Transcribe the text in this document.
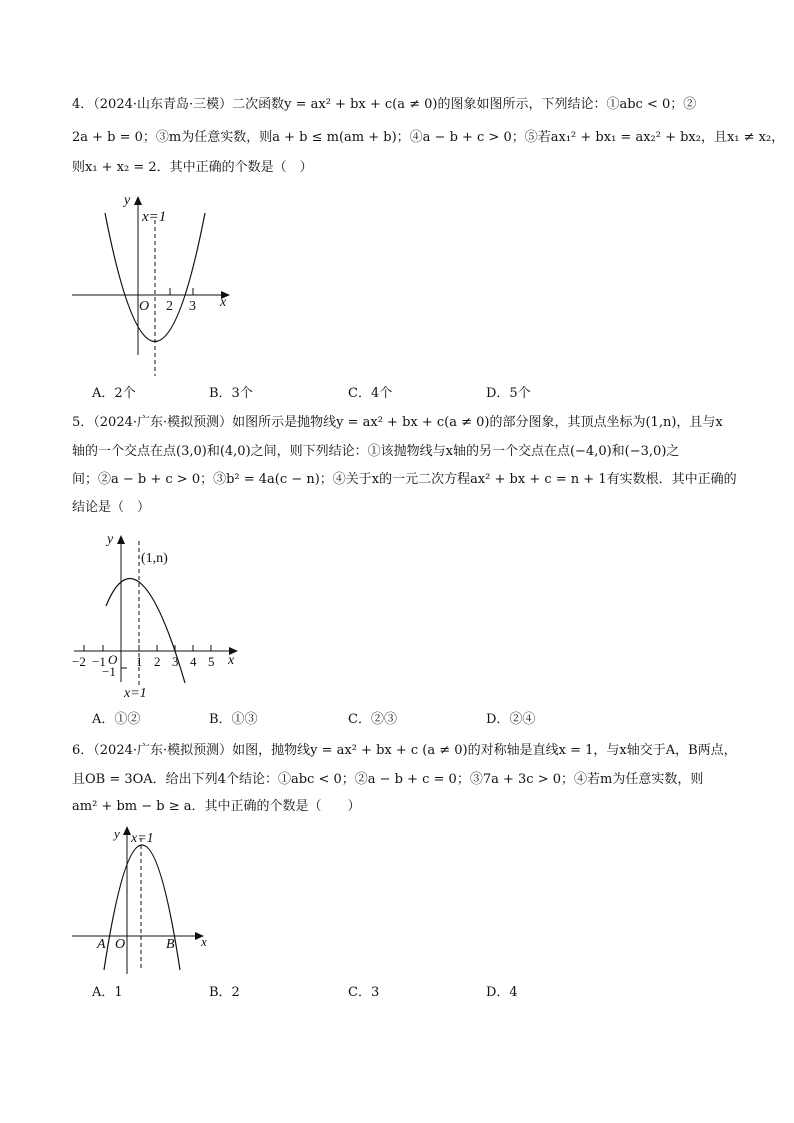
4．（2024·山东青岛·三模）二次函数y = ax² + bx + c(a ≠ 0)的图象如图所示，下列结论：①abc < 0；②
2a + b = 0；③m为任意实数，则a + b ≤ m(am + b)；④a − b + c > 0；⑤若ax₁² + bx₁ = ax₂² + bx₂，且x₁ ≠ x₂，
则x₁ + x₂ = 2．其中正确的个数是（　）
y
x=1
O 2 3 x
A．2个	B．3个	C．4个	D．5个
5．（2024·广东·模拟预测）如图所示是抛物线y = ax² + bx + c(a ≠ 0)的部分图象，其顶点坐标为(1,n)，且与x
轴的一个交点在点(3,0)和(4,0)之间，则下列结论：①该抛物线与x轴的另一个交点在点(−4,0)和(−3,0)之
间；②a − b + c > 0；③b² = 4a(c − n)；④关于x的一元二次方程ax² + bx + c = n + 1有实数根．其中正确的
结论是（　）
y
(1,n)
−2 −1 O
−1
1 2 3 4 5 x
x=1
A．①②	B．①③	C．②③	D．②④
6．（2024·广东·模拟预测）如图，抛物线y = ax² + bx + c (a ≠ 0)的对称轴是直线x = 1，与x轴交于A，B两点，
且OB = 3OA．给出下列4个结论：①abc < 0；②a − b + c = 0；③7a + 3c > 0；④若m为任意实数，则
am² + bm − b ≥ a．其中正确的个数是（　　）
y x=1
A O	B x
A．1	B．2	C．3	D．4
